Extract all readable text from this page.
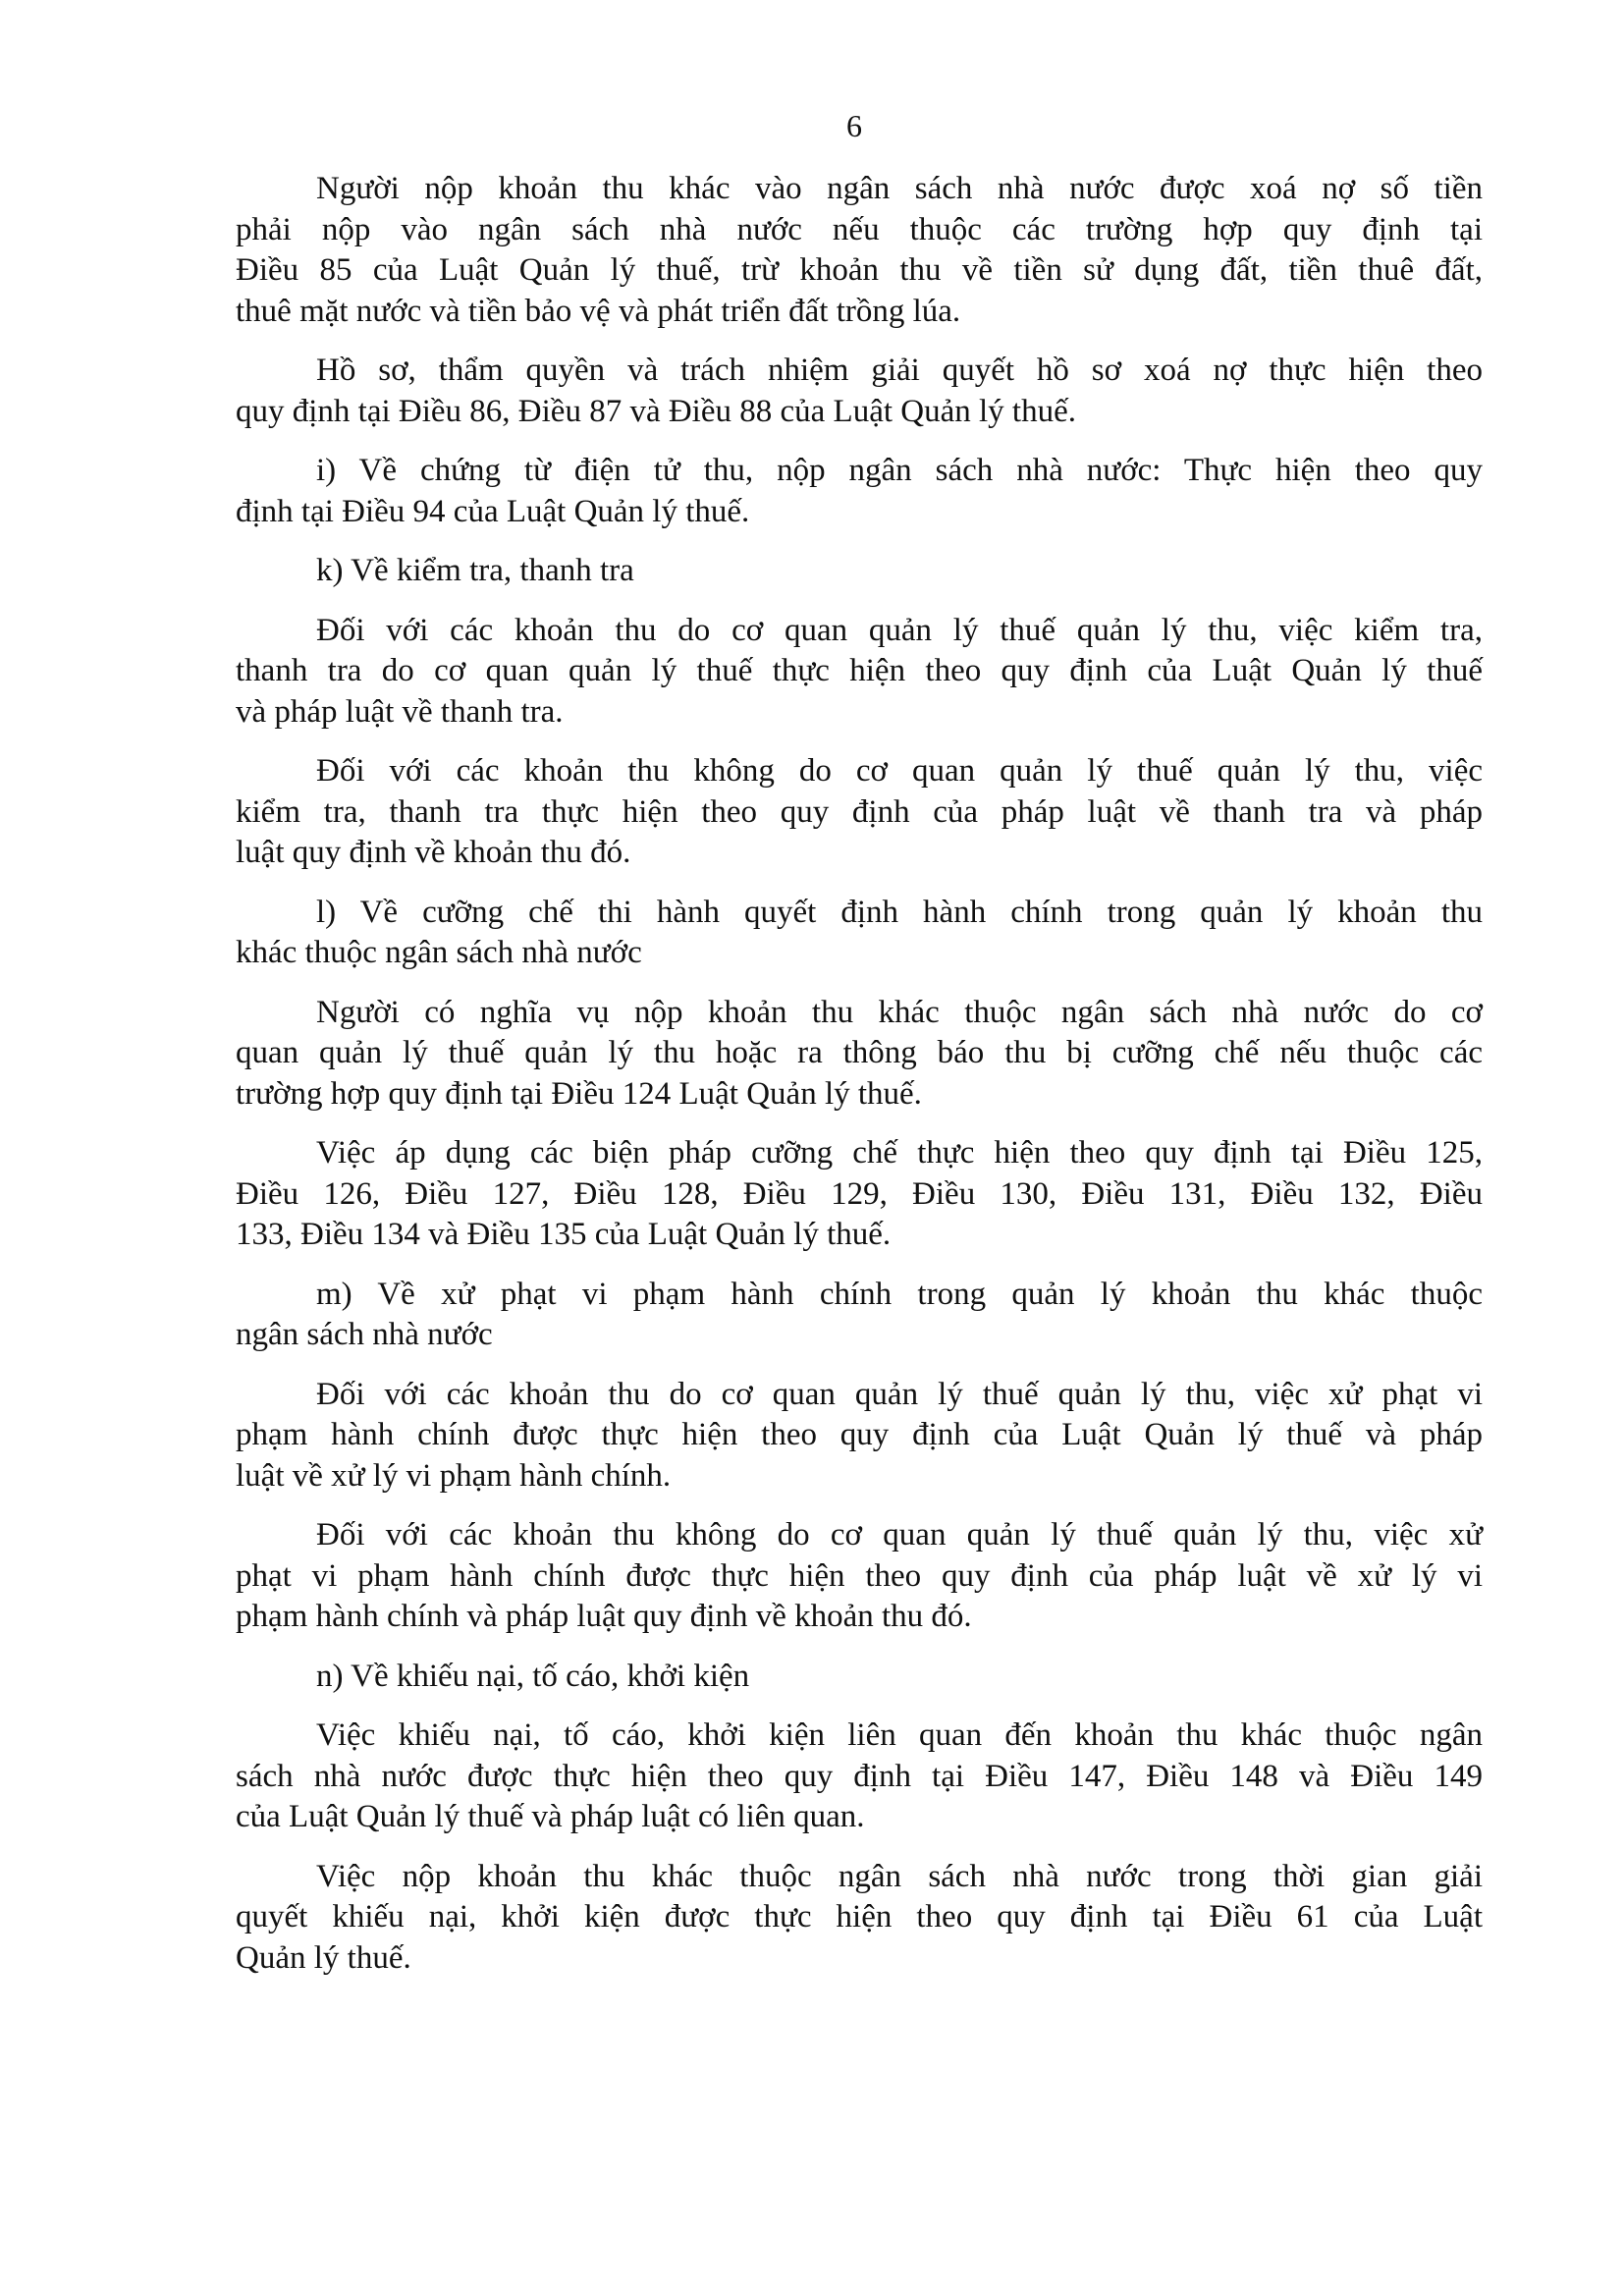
6
Người nộp khoản thu khác vào ngân sách nhà nước được xoá nợ số tiền
phải nộp vào ngân sách nhà nước nếu thuộc các trường hợp quy định tại
Điều 85 của Luật Quản lý thuế, trừ khoản thu về tiền sử dụng đất, tiền thuê đất,
thuê mặt nước và tiền bảo vệ và phát triển đất trồng lúa.
Hồ sơ, thẩm quyền và trách nhiệm giải quyết hồ sơ xoá nợ thực hiện theo
quy định tại Điều 86, Điều 87 và Điều 88 của Luật Quản lý thuế.
i) Về chứng từ điện tử thu, nộp ngân sách nhà nước: Thực hiện theo quy
định tại Điều 94 của Luật Quản lý thuế.
k) Về kiểm tra, thanh tra
Đối với các khoản thu do cơ quan quản lý thuế quản lý thu, việc kiểm tra,
thanh tra do cơ quan quản lý thuế thực hiện theo quy định của Luật Quản lý thuế
và pháp luật về thanh tra.
Đối với các khoản thu không do cơ quan quản lý thuế quản lý thu, việc
kiểm tra, thanh tra thực hiện theo quy định của pháp luật về thanh tra và pháp
luật quy định về khoản thu đó.
l) Về cưỡng chế thi hành quyết định hành chính trong quản lý khoản thu
khác thuộc ngân sách nhà nước
Người có nghĩa vụ nộp khoản thu khác thuộc ngân sách nhà nước do cơ
quan quản lý thuế quản lý thu hoặc ra thông báo thu bị cưỡng chế nếu thuộc các
trường hợp quy định tại Điều 124 Luật Quản lý thuế.
Việc áp dụng các biện pháp cưỡng chế thực hiện theo quy định tại Điều 125,
Điều 126, Điều 127, Điều 128, Điều 129, Điều 130, Điều 131, Điều 132, Điều
133, Điều 134 và Điều 135 của Luật Quản lý thuế.
m) Về xử phạt vi phạm hành chính trong quản lý khoản thu khác thuộc
ngân sách nhà nước
Đối với các khoản thu do cơ quan quản lý thuế quản lý thu, việc xử phạt vi
phạm hành chính được thực hiện theo quy định của Luật Quản lý thuế và pháp
luật về xử lý vi phạm hành chính.
Đối với các khoản thu không do cơ quan quản lý thuế quản lý thu, việc xử
phạt vi phạm hành chính được thực hiện theo quy định của pháp luật về xử lý vi
phạm hành chính và pháp luật quy định về khoản thu đó.
n) Về khiếu nại, tố cáo, khởi kiện
Việc khiếu nại, tố cáo, khởi kiện liên quan đến khoản thu khác thuộc ngân
sách nhà nước được thực hiện theo quy định tại Điều 147, Điều 148 và Điều 149
của Luật Quản lý thuế và pháp luật có liên quan.
Việc nộp khoản thu khác thuộc ngân sách nhà nước trong thời gian giải
quyết khiếu nại, khởi kiện được thực hiện theo quy định tại Điều 61 của Luật
Quản lý thuế.
